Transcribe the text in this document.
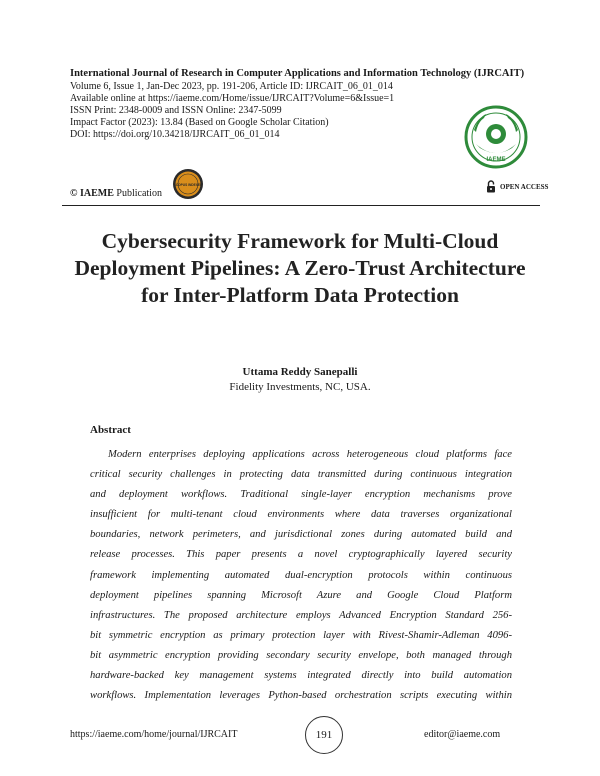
International Journal of Research in Computer Applications and Information Technology (IJRCAIT)
Volume 6, Issue 1, Jan-Dec 2023, pp. 191-206, Article ID: IJRCAIT_06_01_014
Available online at https://iaeme.com/Home/issue/IJRCAIT?Volume=6&Issue=1
ISSN Print: 2348-0009 and ISSN Online: 2347-5099
Impact Factor (2023): 13.84 (Based on Google Scholar Citation)
DOI: https://doi.org/10.34218/IJRCAIT_06_01_014
IAEME
© IAEME Publication
SCOPUS INDEXED	OPEN ACCESS
Cybersecurity Framework for Multi-Cloud Deployment Pipelines: A Zero-Trust Architecture for Inter-Platform Data Protection
Uttama Reddy Sanepalli
Fidelity Investments, NC, USA.
Abstract
Modern enterprises deploying applications across heterogeneous cloud platforms face
critical security challenges in protecting data transmitted during continuous integration
and deployment workflows. Traditional single-layer encryption mechanisms prove
insufficient for multi-tenant cloud environments where data traverses organizational
boundaries, network perimeters, and jurisdictional zones during automated build and
release processes. This paper presents a novel cryptographically layered security
framework implementing automated dual-encryption protocols within continuous
deployment pipelines spanning Microsoft Azure and Google Cloud Platform
infrastructures. The proposed architecture employs Advanced Encryption Standard 256-
bit symmetric encryption as primary protection layer with Rivest-Shamir-Adleman 4096-
bit asymmetric encryption providing secondary security envelope, both managed through
hardware-backed key management systems integrated directly into build automation
workflows. Implementation leverages Python-based orchestration scripts executing within
https://iaeme.com/home/journal/IJRCAIT	191	editor@iaeme.com
